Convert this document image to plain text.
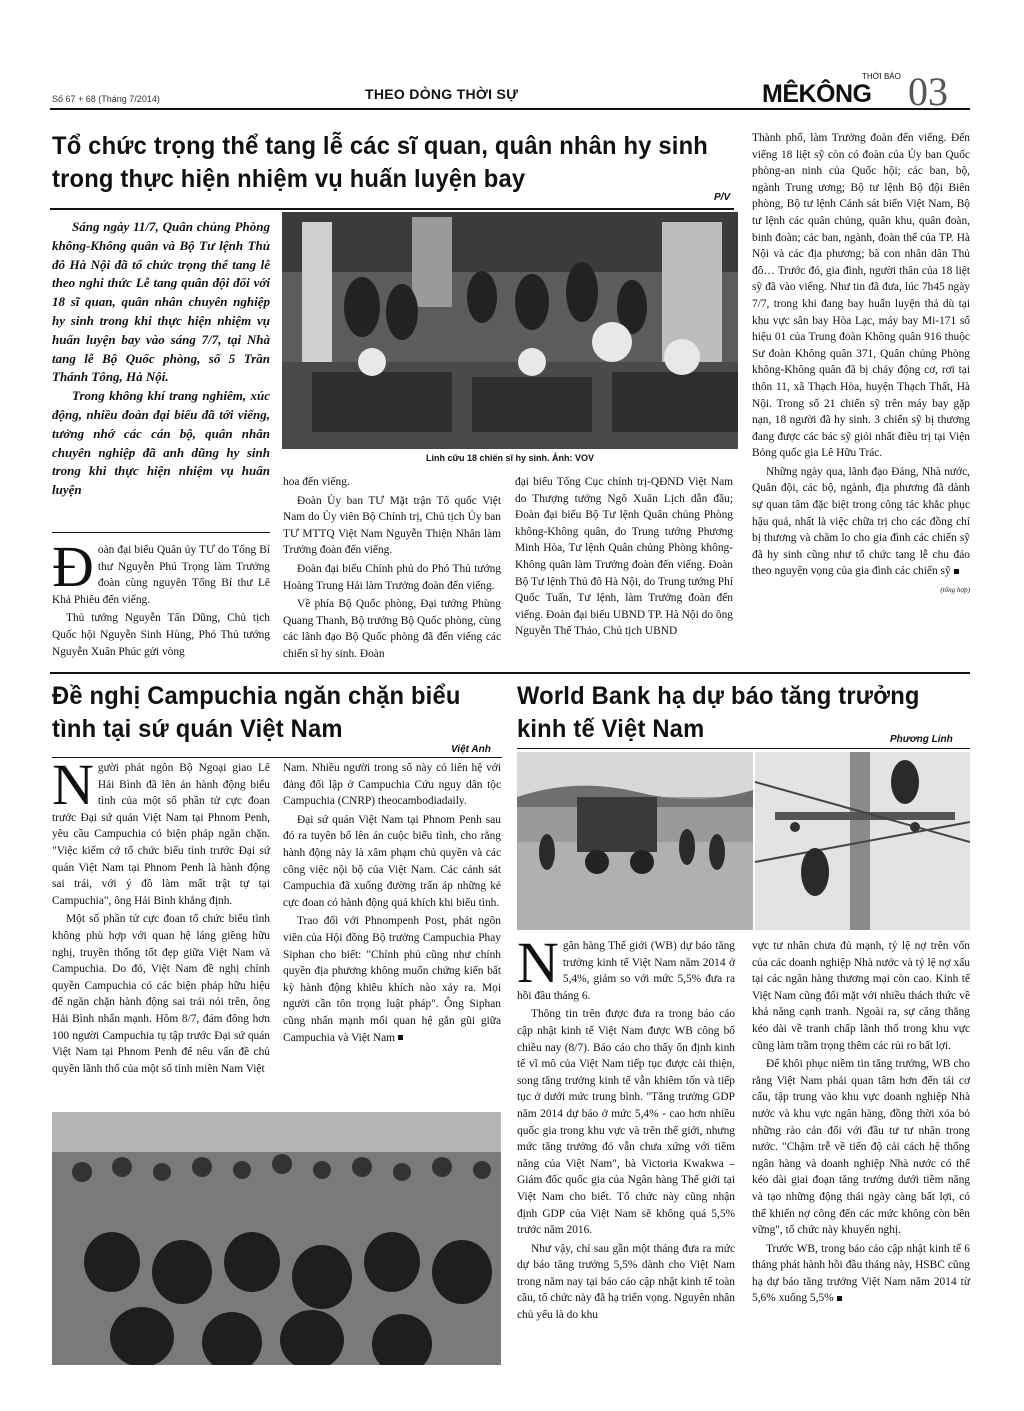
Số 67 + 68 (Tháng 7/2014)	THEO DÒNG THỜI SỰ
THỜI BÁO
MÊKÔNG 03
Tổ chức trọng thể tang lễ các sĩ quan, quân nhân hy sinh
trong thực hiện nhiệm vụ huấn luyện bay
P/V

Sáng ngày 11/7, Quân chủng Phòng không-Không quân và Bộ Tư lệnh Thủ đô Hà Nội đã tổ chức trọng thể tang lễ theo nghi thức Lễ tang quân đội đối với 18 sĩ quan, quân nhân chuyên nghiệp hy sinh trong khi thực hiện nhiệm vụ huấn luyện bay vào sáng 7/7, tại Nhà tang lễ Bộ Quốc phòng, số 5 Trần Thánh Tông, Hà Nội.

Trong không khí trang nghiêm, xúc động, nhiều đoàn đại biểu đã tới viếng, tưởng nhớ các cán bộ, quân nhân chuyên nghiệp đã anh dũng hy sinh trong khi thực hiện nhiệm vụ huấn luyện

Linh cữu 18 chiến sĩ hy sinh. Ảnh: VOV
Đ oàn đại biểu Quân ủy TƯ do Tổng Bí thư Nguyễn Phú Trọng làm Trưởng đoàn cùng nguyên Tổng Bí thư Lê Khả Phiêu đến viếng.

Thủ tướng Nguyễn Tấn Dũng, Chủ tịch Quốc hội Nguyễn Sinh Hùng, Phó Thủ tướng Nguyễn Xuân Phúc gửi vòng

hoa đến viếng.

Đoàn Ủy ban TƯ Mặt trận Tổ quốc Việt Nam do Ủy viên Bộ Chính trị, Chủ tịch Ủy ban TƯ MTTQ Việt Nam Nguyễn Thiện Nhân làm Trưởng đoàn đến viếng.

Đoàn đại biểu Chính phủ do Phó Thủ tướng Hoàng Trung Hải làm Trưởng đoàn đến viếng.

Về phía Bộ Quốc phòng, Đại tướng Phùng Quang Thanh, Bộ trưởng Bộ Quốc phòng, cùng các lãnh đạo Bộ Quốc phòng đã đến viếng các chiến sĩ hy sinh. Đoàn

đại biểu Tổng Cục chính trị-QĐND Việt Nam do Thượng tướng Ngô Xuân Lịch dẫn đầu; Đoàn đại biểu Bộ Tư lệnh Quân chủng Phòng không-Không quân, do Trung tướng Phương Minh Hòa, Tư lệnh Quân chủng Phòng không-Không quân làm Trưởng đoàn đến viếng. Đoàn Bộ Tư lệnh Thủ đô Hà Nội, do Trung tướng Phí Quốc Tuấn, Tư lệnh, làm Trưởng đoàn đến viếng. Đoàn đại biểu UBND TP. Hà Nội do ông Nguyễn Thế Thảo, Chủ tịch UBND

Thành phố, làm Trưởng đoàn đến viếng. Đến viếng 18 liệt sỹ còn có đoàn của Ủy ban Quốc phòng-an ninh của Quốc hội; các ban, bộ, ngành Trung ương; Bộ tư lệnh Bộ đội Biên phòng, Bộ tư lệnh Cảnh sát biển Việt Nam, Bộ tư lệnh các quân chủng, quân khu, quân đoàn, binh đoàn; các ban, ngành, đoàn thể của TP. Hà Nội và các địa phương; bà con nhân dân Thủ đô… Trước đó, gia đình, người thân của 18 liệt sỹ đã vào viếng. Như tin đã đưa, lúc 7h45 ngày 7/7, trong khi đang bay huấn luyện thả dù tại khu vực sân bay Hòa Lạc, máy bay Mi-171 số hiệu 01 của Trung đoàn Không quân 916 thuộc Sư đoàn Không quân 371, Quân chủng Phòng không-Không quân đã bị cháy động cơ, rơi tại thôn 11, xã Thạch Hòa, huyện Thạch Thất, Hà Nội. Trong số 21 chiến sỹ trên máy bay gặp nạn, 18 người đã hy sinh. 3 chiến sỹ bị thương đang được các bác sỹ giỏi nhất điều trị tại Viện Bỏng quốc gia Lê Hữu Trác.

Những ngày qua, lãnh đạo Đảng, Nhà nước, Quân đội, các bộ, ngành, địa phương đã dành sự quan tâm đặc biệt trong công tác khắc phục hậu quả, nhất là việc chữa trị cho các đồng chí bị thương và chăm lo cho gia đình các chiến sỹ đã hy sinh cũng như tổ chức tang lễ chu đáo theo nguyện vọng của gia đình các chiến sỹ

(tổng hợp)
Đề nghị Campuchia ngăn chặn biểu
tình tại sứ quán Việt Nam
Việt Anh
N gười phát ngôn Bộ Ngoại giao Lê Hải Bình đã lên án hành động biểu tình của một số phần tử cực đoan trước Đại sứ quán Việt Nam tại Phnom Penh, yêu cầu Campuchia có biện pháp ngăn chặn. "Việc kiếm cớ tổ chức biểu tình trước Đại sứ quán Việt Nam tại Phnom Penh là hành động sai trái, với ý đồ làm mất trật tự tại Campuchia", ông Hải Bình khẳng định.

Một số phần tử cực đoan tổ chức biểu tình không phù hợp với quan hệ láng giềng hữu nghị, truyền thống tốt đẹp giữa Việt Nam và Campuchia. Do đó, Việt Nam đề nghị chính quyền Campuchia có các biện pháp hữu hiệu để ngăn chặn hành động sai trái nói trên, ông Hải Bình nhấn mạnh. Hôm 8/7, đám đông hơn 100 người Campuchia tụ tập trước Đại sứ quán Việt Nam tại Phnom Penh để nêu vấn đề chủ quyền lãnh thổ của một số tỉnh miền Nam Việt

Nam. Nhiều người trong số này có liên hệ với đảng đối lập ở Campuchia Cứu nguy dân tộc Campuchia (CNRP) theocambodiadaily.

Đại sứ quán Việt Nam tại Phnom Penh sau đó ra tuyên bố lên án cuộc biểu tình, cho rằng hành động này là xâm phạm chủ quyền và các công việc nội bộ của Việt Nam. Các cảnh sát Campuchia đã xuống đường trấn áp những kẻ cực đoan có hành động quá khích khi biểu tình.

Trao đổi với Phnompenh Post, phát ngôn viên của Hội đồng Bộ trưởng Campuchia Phay Siphan cho biết: "Chính phủ cũng như chính quyền địa phương không muốn chứng kiến bất kỳ hành động khiêu khích nào xảy ra. Mọi người cần tôn trọng luật pháp". Ông Siphan cũng nhấn mạnh mối quan hệ gắn gũi giữa Campuchia và Việt Nam

World Bank hạ dự báo tăng trưởng
kinh tế Việt Nam	Phương Linh
N gân hàng Thế giới (WB) dự báo tăng trưởng kinh tế Việt Nam năm 2014 ở 5,4%, giảm so với mức 5,5% đưa ra hồi đầu tháng 6.

Thông tin trên được đưa ra trong báo cáo cập nhật kinh tế Việt Nam được WB công bố chiều nay (8/7). Báo cáo cho thấy ổn định kinh tế vĩ mô của Việt Nam tiếp tục được cải thiện, song tăng trưởng kinh tế vẫn khiêm tốn và tiếp tục ở dưới mức trung bình. "Tăng trưởng GDP năm 2014 dự báo ở mức 5,4% - cao hơn nhiều quốc gia trong khu vực và trên thế giới, nhưng mức tăng trưởng đó vẫn chưa xứng với tiềm năng của Việt Nam", bà Victoria Kwakwa – Giám đốc quốc gia của Ngân hàng Thế giới tại Việt Nam cho biết. Tổ chức này cũng nhận định GDP của Việt Nam sẽ không quá 5,5% trước năm 2016.

Như vậy, chỉ sau gần một tháng đưa ra mức dự báo tăng trưởng 5,5% dành cho Việt Nam trong năm nay tại báo cáo cập nhật kinh tế toàn cầu, tổ chức này đã hạ triển vọng. Nguyên nhân chủ yếu là do khu

vực tư nhân chưa đủ mạnh, tỷ lệ nợ trên vốn của các doanh nghiệp Nhà nước và tỷ lệ nợ xấu tại các ngân hàng thương mại còn cao. Kinh tế Việt Nam cũng đối mặt với nhiều thách thức về khả năng cạnh tranh. Ngoài ra, sự căng thẳng kéo dài về tranh chấp lãnh thổ trong khu vực cũng làm trầm trọng thêm các rủi ro bất lợi.

Để khôi phục niềm tin tăng trưởng, WB cho rằng Việt Nam phải quan tâm hơn đến tái cơ cấu, tập trung vào khu vực doanh nghiệp Nhà nước và khu vực ngân hàng, đồng thời xóa bỏ những rào cản đối với đầu tư tư nhân trong nước. "Chậm trễ về tiến độ cải cách hệ thống ngân hàng và doanh nghiệp Nhà nước có thể kéo dài giai đoạn tăng trưởng dưới tiềm năng và tạo những động thái ngày càng bất lợi, có thể khiến nợ công đến các mức không còn bền vững", tổ chức này khuyến nghị.

Trước WB, trong báo cáo cập nhật kinh tế 6 tháng phát hành hồi đầu tháng này, HSBC cũng hạ dự báo tăng trưởng Việt Nam năm 2014 từ 5,6% xuống 5,5%
